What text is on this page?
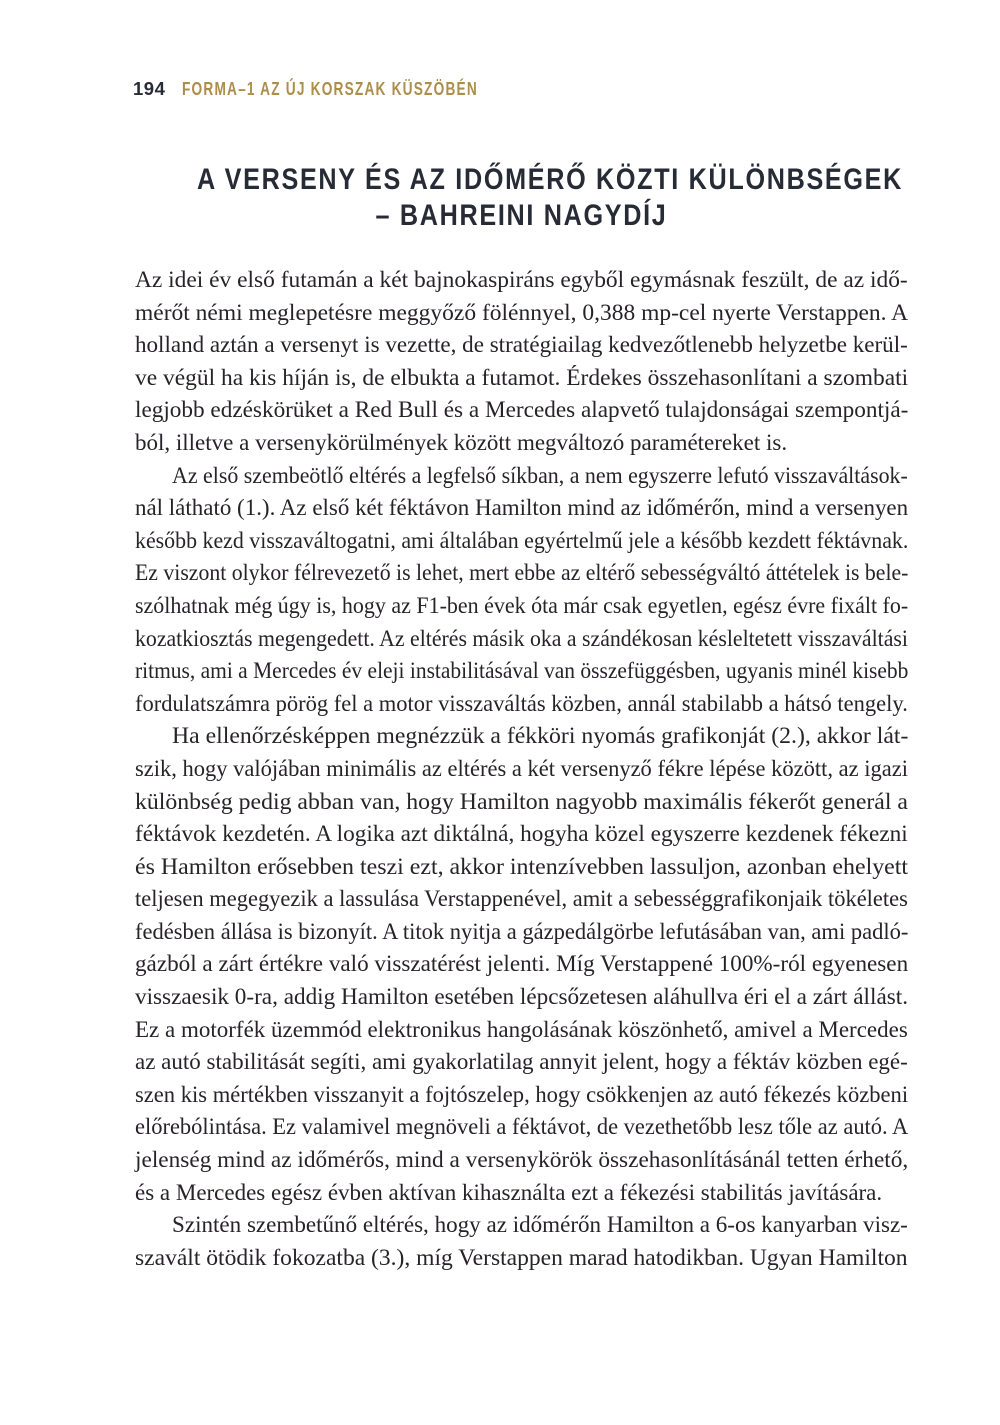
194 FORMA–1 AZ ÚJ KORSZAK KÜSZÖBÉN
A VERSENY ÉS AZ IDŐMÉRŐ KÖZTI KÜLÖNBSÉGEK
– BAHREINI NAGYDÍJ
Az idei év első futamán a két bajnokaspiráns egyből egymásnak feszült, de az idő-
mérőt némi meglepetésre meggyőző fölénnyel, 0,388 mp-cel nyerte Verstappen. A
holland aztán a versenyt is vezette, de stratégiailag kedvezőtlenebb helyzetbe kerül-
ve végül ha kis híján is, de elbukta a futamot. Érdekes összehasonlítani a szombati
legjobb edzéskörüket a Red Bull és a Mercedes alapvető tulajdonságai szempontjá-
ból, illetve a versenykörülmények között megváltozó paramétereket is.
Az első szembeötlő eltérés a legfelső síkban, a nem egyszerre lefutó visszaváltások-
nál látható (1.). Az első két féktávon Hamilton mind az időmérőn, mind a versenyen
később kezd visszaváltogatni, ami általában egyértelmű jele a később kezdett féktávnak.
Ez viszont olykor félrevezető is lehet, mert ebbe az eltérő sebességváltó áttételek is bele-
szólhatnak még úgy is, hogy az F1-ben évek óta már csak egyetlen, egész évre fixált fo-
kozatkiosztás megengedett. Az eltérés másik oka a szándékosan késleltetett visszaváltási
ritmus, ami a Mercedes év eleji instabilitásával van összefüggésben, ugyanis minél kisebb
fordulatszámra pörög fel a motor visszaváltás közben, annál stabilabb a hátsó tengely.
Ha ellenőrzésképpen megnézzük a fékköri nyomás grafikonját (2.), akkor lát-
szik, hogy valójában minimális az eltérés a két versenyző fékre lépése között, az igazi
különbség pedig abban van, hogy Hamilton nagyobb maximális fékerőt generál a
féktávok kezdetén. A logika azt diktálná, hogyha közel egyszerre kezdenek fékezni
és Hamilton erősebben teszi ezt, akkor intenzívebben lassuljon, azonban ehelyett
teljesen megegyezik a lassulása Verstappenével, amit a sebességgrafikonjaik tökéletes
fedésben állása is bizonyít. A titok nyitja a gázpedálgörbe lefutásában van, ami padló-
gázból a zárt értékre való visszatérést jelenti. Míg Verstappené 100%-ról egyenesen
visszaesik 0-ra, addig Hamilton esetében lépcsőzetesen aláhullva éri el a zárt állást.
Ez a motorfék üzemmód elektronikus hangolásának köszönhető, amivel a Mercedes
az autó stabilitását segíti, ami gyakorlatilag annyit jelent, hogy a féktáv közben egé-
szen kis mértékben visszanyit a fojtószelep, hogy csökkenjen az autó fékezés közbeni
előrebólintása. Ez valamivel megnöveli a féktávot, de vezethetőbb lesz tőle az autó. A
jelenség mind az időmérős, mind a versenykörök összehasonlításánál tetten érhető,
és a Mercedes egész évben aktívan kihasználta ezt a fékezési stabilitás javítására.
Szintén szembetűnő eltérés, hogy az időmérőn Hamilton a 6-os kanyarban visz-
szavált ötödik fokozatba (3.), míg Verstappen marad hatodikban. Ugyan Hamilton
